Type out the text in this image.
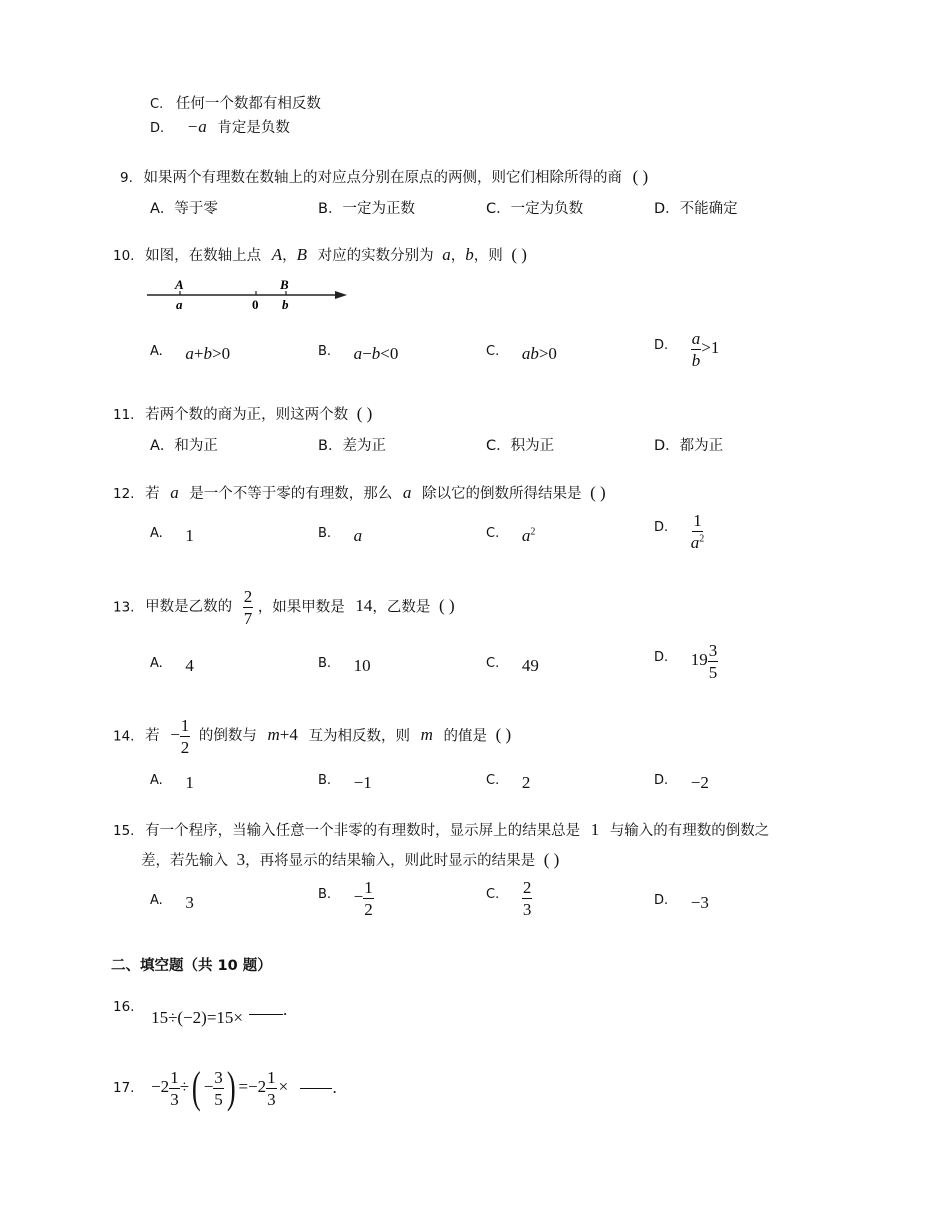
C. 任何一个数都有相反数
D. −a 肯定是负数
9. 如果两个有理数在数轴上的对应点分别在原点的两侧，则它们相除所得的商 ( )
A．等于零	B．一定为正数	C．一定为负数	D．不能确定
10. 如图，在数轴上点 A，B 对应的实数分别为 a，b，则 ( )
A
a	0
B
b
A. a+b>0	B. a−b<0	C. ab>0	D. $\frac{a}{b} >1$
11. 若两个数的商为正，则这两个数 ( )
A．和为正	B．差为正	C．积为正	D．都为正
12. 若 a 是一个不等于零的有理数，那么 a 除以它的倒数所得结果是 ( )
A. 1	B. a	C. $a^2$	D. $\frac{1}{a^2}$
13. 甲数是乙数的 $\frac{2}{7}$ ，如果甲数是 14，乙数是 ( )
A. 4	B. 10	C. 49	D. $19 \frac{3}{5}$
14. 若 − $\frac{1}{2}$ 的倒数与 m+4 互为相反数，则 m 的值是 ( )
A. 1	B. −1	C. 2	D. −2
15. 有一个程序，当输入任意一个非零的有理数时，显示屏上的结果总是 1 与输入的有理数的倒数之
差，若先输入 3，再将显示的结果输入，则此时显示的结果是 ( )
A. 3	B. − $\frac{1}{2}$	C. $\frac{2}{3}$	D. −3
二、填空题（共 10 题）
16. 15÷(−2)=15× .
17. $-2 \frac{1}{3}$ ÷( − $\frac{3}{5}$ ) $=-2 \frac{1}{3}$ ×	.
